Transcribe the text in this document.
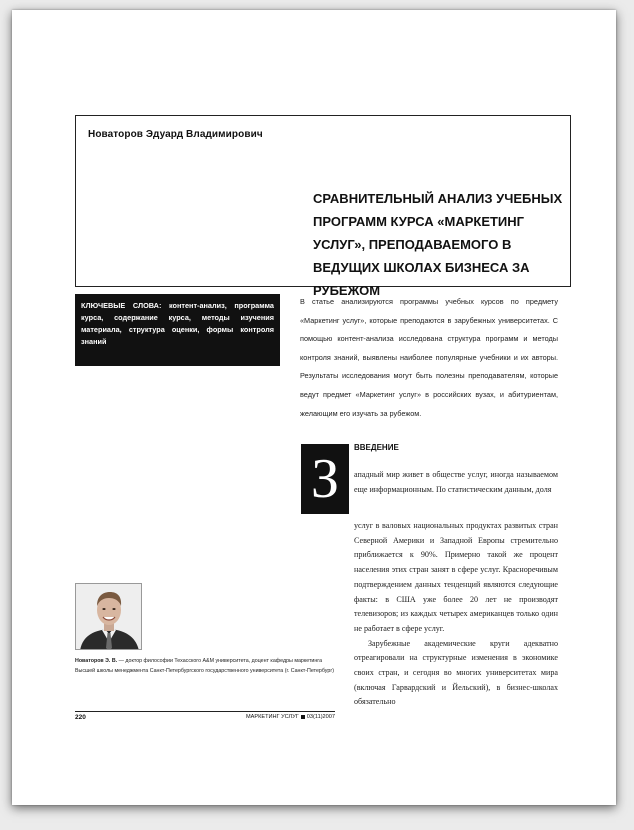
Новаторов Эдуард Владимирович
СРАВНИТЕЛЬНЫЙ АНАЛИЗ УЧЕБНЫХ ПРОГРАММ КУРСА «МАРКЕТИНГ УСЛУГ», ПРЕПОДАВАЕМОГО В ВЕДУЩИХ ШКОЛАХ БИЗНЕСА ЗА РУБЕЖОМ
КЛЮЧЕВЫЕ СЛОВА: контент-анализ, программа курса, содержание курса, методы изучения материала, структура оценки, формы контроля знаний
В статье анализируются программы учебных курсов по предмету «Маркетинг услуг», которые преподаются в зарубежных университетах. С помощью контент-анализа исследована структура программ и методы контроля знаний, выявлены наиболее популярные учебники и их авторы. Результаты исследования могут быть полезны преподавателям, которые ведут предмет «Маркетинг услуг» в российских вузах, и абитуриентам, желающим его изучать за рубежом.
З
ВВЕДЕНИЕ
ападный мир живет в обществе услуг, иногда называемом еще информационным. По статистическим данным, доля
услуг в валовых национальных продуктах развитых стран Северной Америки и Западной Европы стремительно приближается к 90%. Примерно такой же процент населения этих стран занят в сфере услуг. Красноречивым подтверждением данных тенденций являются следующие факты: в США уже более 20 лет не производят телевизоров; из каждых четырех американцев только один не работает в сфере услуг.
Зарубежные академические круги адекватно отреагировали на структурные изменения в экономике своих стран, и сегодня во многих университетах мира (включая Гарвардский и Йельский), в бизнес-школах обязательно
Новаторов Э. В. — доктор философии Техасского A&M университета, доцент кафедры маркетинга Высшей школы менеджмента Санкт-Петербургского государственного университета (г. Санкт-Петербург)
220	МАРКЕТИНГ УСЛУГ 03(11)2007
